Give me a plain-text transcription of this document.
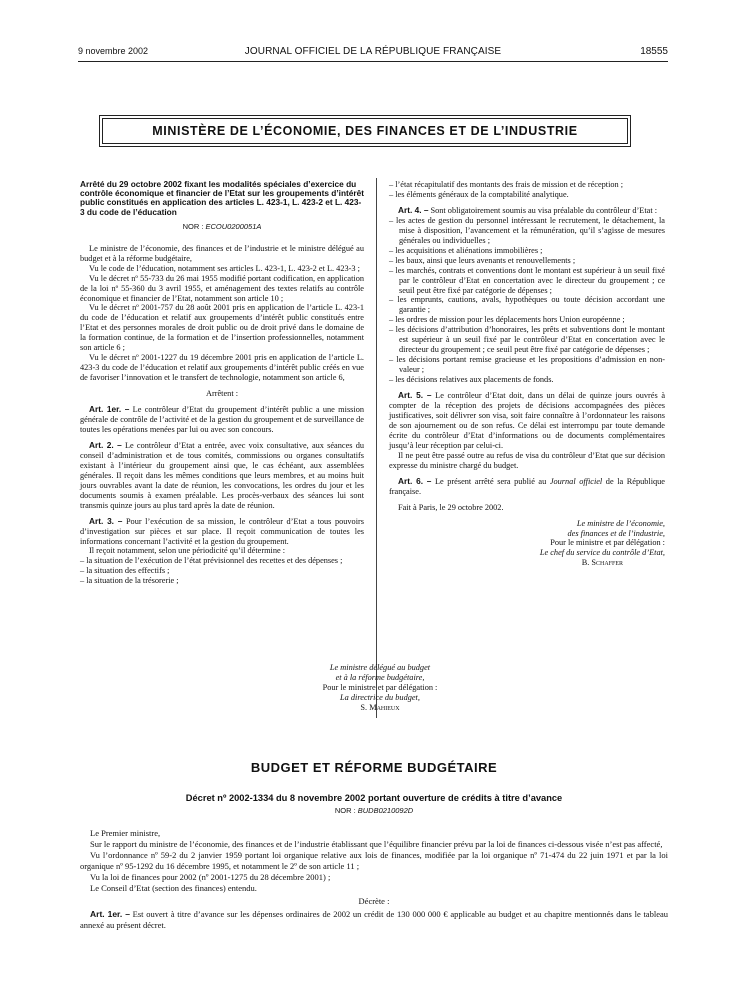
9 novembre 2002	JOURNAL OFFICIEL DE LA RÉPUBLIQUE FRANÇAISE	18555
MINISTÈRE DE L’ÉCONOMIE, DES FINANCES ET DE L’INDUSTRIE

Arrêté du 29 octobre 2002 fixant les modalités spéciales d’exercice du contrôle économique et financier de l’Etat sur les groupements d’intérêt public constitués en application des articles L. 423-1, L. 423-2 et L. 423-3 du code de l’éducation

NOR : ECOU0200051A

Le ministre de l’économie, des finances et de l’industrie et le ministre délégué au budget et à la réforme budgétaire,

Vu le code de l’éducation, notamment ses articles L. 423-1, L. 423-2 et L. 423-3 ;

Vu le décret nº 55-733 du 26 mai 1955 modifié portant codification, en application de la loi nº 55-360 du 3 avril 1955, et aménagement des textes relatifs au contrôle économique et financier de l’Etat, notamment son article 10 ;

Vu le décret nº 2001-757 du 28 août 2001 pris en application de l’article L. 423-1 du code de l’éducation et relatif aux groupements d’intérêt public constitués entre l’Etat et des personnes morales de droit public ou de droit privé dans le domaine de la formation continue, de la formation et de l’insertion professionnelles, notamment son article 6 ;

Vu le décret nº 2001-1227 du 19 décembre 2001 pris en application de l’article L. 423-3 du code de l’éducation et relatif aux groupements d’intérêt public créés en vue de favoriser l’innovation et le transfert de technologie, notamment son article 6,

Arrêtent :

Art. 1er. – Le contrôleur d’Etat du groupement d’intérêt public a une mission générale de contrôle de l’activité et de la gestion du groupement et de surveillance de toutes les opérations menées par lui ou avec son concours.

Art. 2. – Le contrôleur d’Etat a entrée, avec voix consultative, aux séances du conseil d’administration et de tous comités, commissions ou organes consultatifs existant à l’intérieur du groupement ainsi que, le cas échéant, aux assemblées générales. Il reçoit dans les mêmes conditions que leurs membres, et au moins huit jours ouvrables avant la date de réunion, les convocations, les ordres du jour et les documents soumis à examen préalable. Les procès-verbaux des séances lui sont transmis quinze jours au plus tard après la date de réunion.

Art. 3. – Pour l’exécution de sa mission, le contrôleur d’Etat a tous pouvoirs d’investigation sur pièces et sur place. Il reçoit communication de toutes les informations concernant l’activité et la gestion du groupement.

Il reçoit notamment, selon une périodicité qu’il détermine :

– la situation de l’exécution de l’état prévisionnel des recettes et des dépenses ;
– la situation des effectifs ;
– la situation de la trésorerie ;
– l’état récapitulatif des montants des frais de mission et de réception ;
– les éléments généraux de la comptabilité analytique.

Art. 4. – Sont obligatoirement soumis au visa préalable du contrôleur d’Etat :

– les actes de gestion du personnel intéressant le recrutement, le détachement, la mise à disposition, l’avancement et la rémunération, qu’il s’agisse de mesures générales ou individuelles ;
– les acquisitions et aliénations immobilières ;
– les baux, ainsi que leurs avenants et renouvellements ;
– les marchés, contrats et conventions dont le montant est supérieur à un seuil fixé par le contrôleur d’Etat en concertation avec le directeur du groupement ; ce seuil peut être fixé par catégorie de dépenses ;
– les emprunts, cautions, avals, hypothèques ou toute décision accordant une garantie ;
– les ordres de mission pour les déplacements hors Union européenne ;
– les décisions d’attribution d’honoraires, les prêts et subventions dont le montant est supérieur à un seuil fixé par le contrôleur d’Etat en concertation avec le directeur du groupement ; ce seuil peut être fixé par catégorie de dépenses ;
– les décisions portant remise gracieuse et les propositions d’admission en non-valeur ;
– les décisions relatives aux placements de fonds.

Art. 5. – Le contrôleur d’Etat doit, dans un délai de quinze jours ouvrés à compter de la réception des projets de décisions accompagnées des pièces justificatives, soit délivrer son visa, soit faire connaître à l’ordonnateur les raisons de son ajournement ou de son refus. Ce délai est interrompu par toute demande écrite du contrôleur d’Etat d’informations ou de documents complémentaires jusqu’à leur réception par celui-ci.

Il ne peut être passé outre au refus de visa du contrôleur d’Etat que sur décision expresse du ministre chargé du budget.

Art. 6. – Le présent arrêté sera publié au Journal officiel de la République française.

Fait à Paris, le 29 octobre 2002.

Le ministre de l’économie,

des finances et de l’industrie,

Pour le ministre et par délégation :

Le chef du service du contrôle d’Etat,

B. Schaffer

Le ministre délégué au budget

et à la réforme budgétaire,

Pour le ministre et par délégation :

La directrice du budget,

S. Mahieux

BUDGET ET RÉFORME BUDGÉTAIRE
Décret nº 2002-1334 du 8 novembre 2002 portant ouverture de crédits à titre d’avance
NOR : BUDB0210092D

Le Premier ministre,

Sur le rapport du ministre de l’économie, des finances et de l’industrie établissant que l’équilibre financier prévu par la loi de finances ci-dessous visée n’est pas affecté,

Vu l’ordonnance nº 59-2 du 2 janvier 1959 portant loi organique relative aux lois de finances, modifiée par la loi organique nº 71-474 du 22 juin 1971 et par la loi organique nº 95-1292 du 16 décembre 1995, et notamment le 2º de son article 11 ;

Vu la loi de finances pour 2002 (nº 2001-1275 du 28 décembre 2001) ;

Le Conseil d’Etat (section des finances) entendu.

Décrète :

Art. 1er. – Est ouvert à titre d’avance sur les dépenses ordinaires de 2002 un crédit de 130 000 000 € applicable au budget et au chapitre mentionnés dans le tableau annexé au présent décret.
